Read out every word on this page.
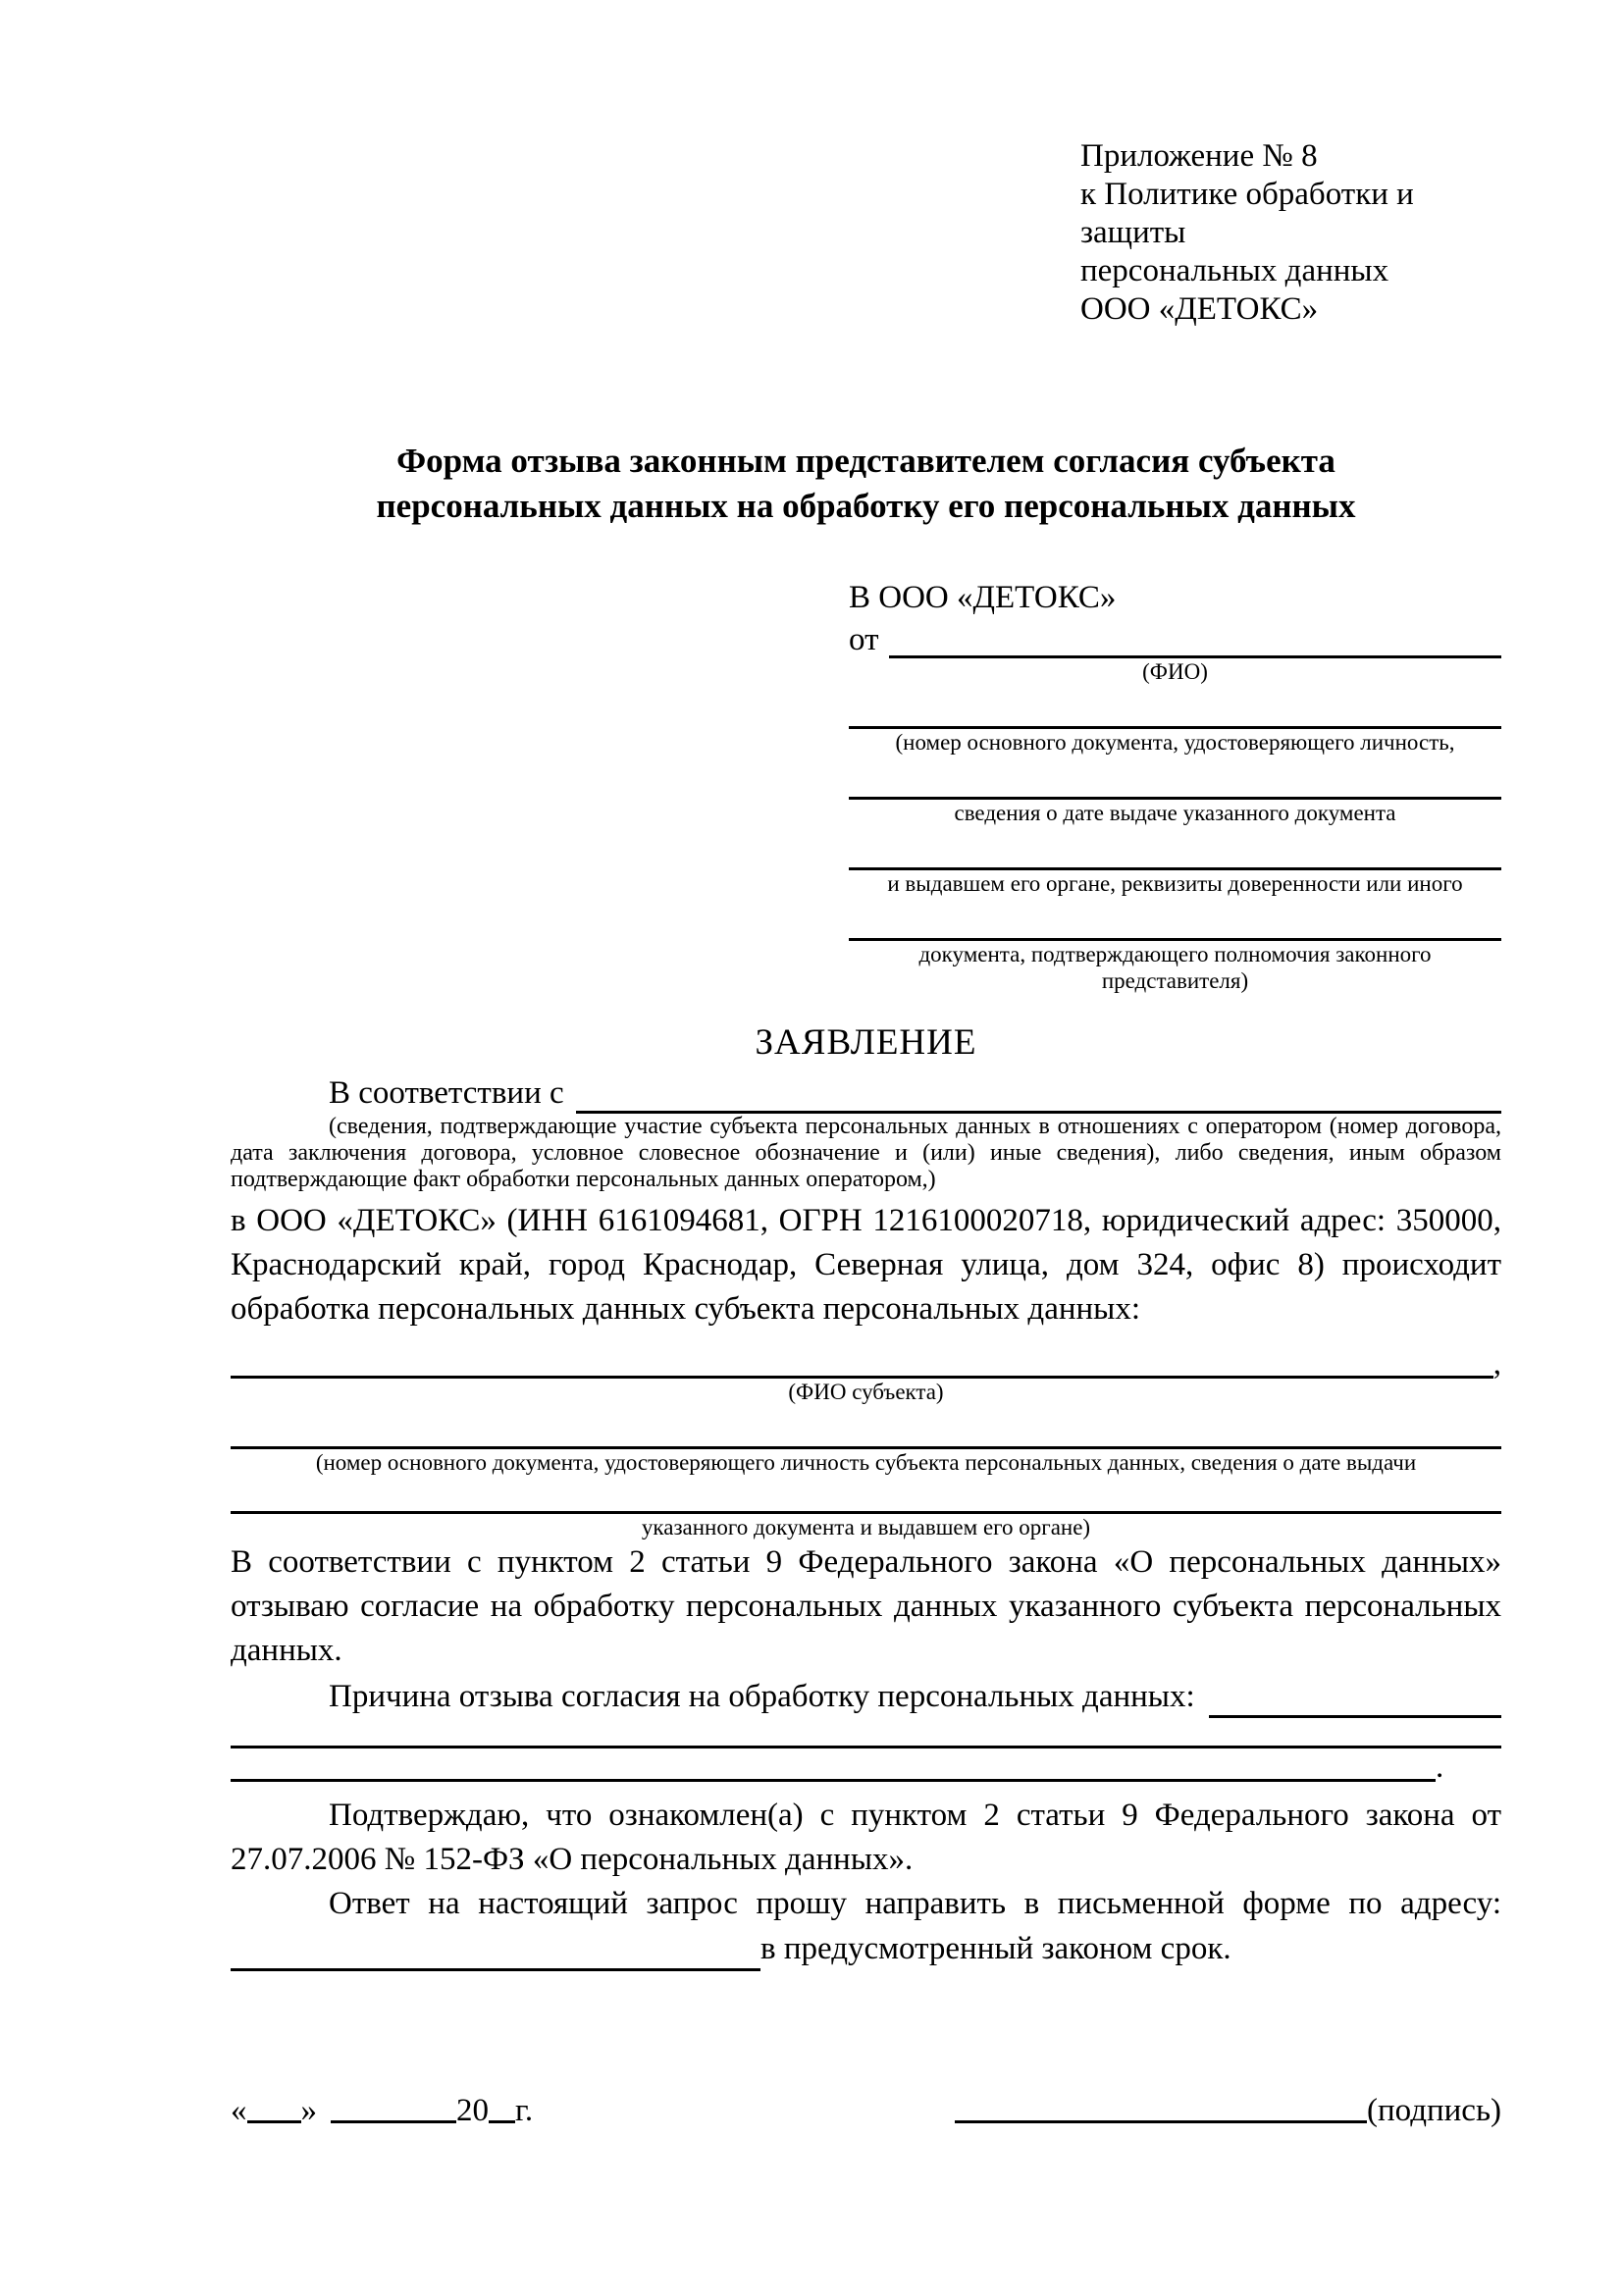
Приложение № 8
к Политике обработки и защиты
персональных данных
ООО «ДЕТОКС»
Форма отзыва законным представителем согласия субъекта персональных данных на обработку его персональных данных
В ООО «ДЕТОКС»
от
(ФИО)
(номер основного документа, удостоверяющего личность,
сведения о дате выдаче указанного документа
и выдавшем его органе, реквизиты доверенности или иного
документа, подтверждающего полномочия законного представителя)
ЗАЯВЛЕНИЕ
В соответствии с
(сведения, подтверждающие участие субъекта персональных данных в отношениях с оператором (номер договора, дата заключения договора, условное словесное обозначение и (или) иные сведения), либо сведения, иным образом подтверждающие факт обработки персональных данных оператором,)
в ООО «ДЕТОКС» (ИНН 6161094681, ОГРН 1216100020718, юридический адрес: 350000, Краснодарский край, город Краснодар, Северная улица, дом 324, офис 8) происходит обработка персональных данных субъекта персональных данных:
,
(ФИО субъекта)
(номер основного документа, удостоверяющего личность субъекта персональных данных, сведения о дате выдачи
указанного документа и выдавшем его органе)
В соответствии с пунктом 2 статьи 9 Федерального закона «О персональных данных» отзываю согласие на обработку персональных данных указанного субъекта персональных данных.
Причина отзыва согласия на обработку персональных данных:
.
Подтверждаю, что ознакомлен(а) с пунктом 2 статьи 9 Федерального закона от 27.07.2006 № 152-ФЗ «О персональных данных».
Ответ на настоящий запрос прошу направить в письменной форме по адресу:
в предусмотренный законом срок.
« »	20 г.	(подпись)
